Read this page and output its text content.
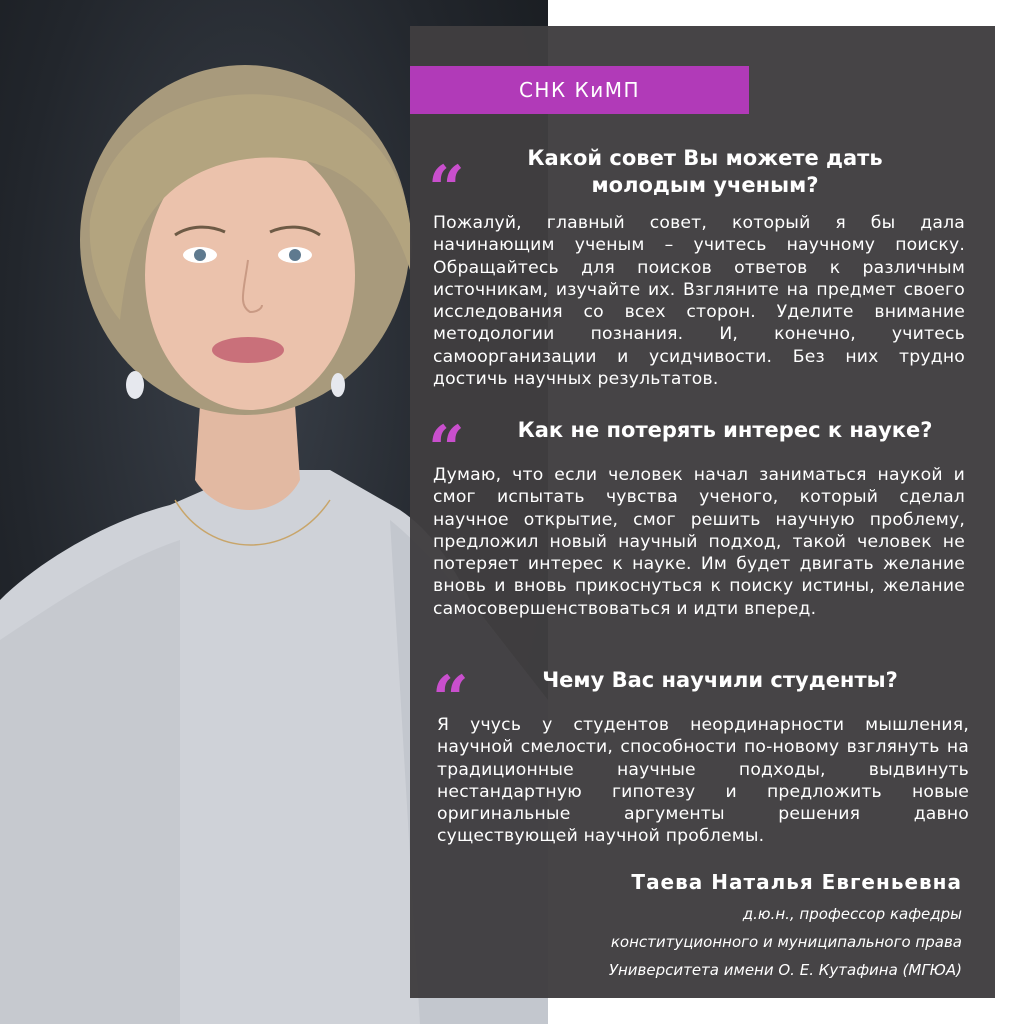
СНК КиМП
“	Какой совет Вы можете дать молодым ученым?
Пожалуй, главный совет, который я бы дала начинающим ученым – учитесь научному поиску. Обращайтесь для поисков ответов к различным источникам, изучайте их. Взгляните на предмет своего исследования со всех сторон. Уделите внимание методологии познания. И, конечно, учитесь самоорганизации и усидчивости. Без них трудно достичь научных результатов.
“	Как не потерять интерес к науке?
Думаю, что если человек начал заниматься наукой и смог испытать чувства ученого, который сделал научное открытие, смог решить научную проблему, предложил новый научный подход, такой человек не потеряет интерес к науке. Им будет двигать желание вновь и вновь прикоснуться к поиску истины, желание самосовершенствоваться и идти вперед.
“	Чему Вас научили студенты?
Я учусь у студентов неординарности мышления, научной смелости, способности по-новому взглянуть на традиционные научные подходы, выдвинуть нестандартную гипотезу и предложить новые оригинальные аргументы решения давно существующей научной проблемы.
Таева Наталья Евгеньевна
д.ю.н., профессор кафедры
конституционного и муниципального права
Университета имени О. Е. Кутафина (МГЮА)
